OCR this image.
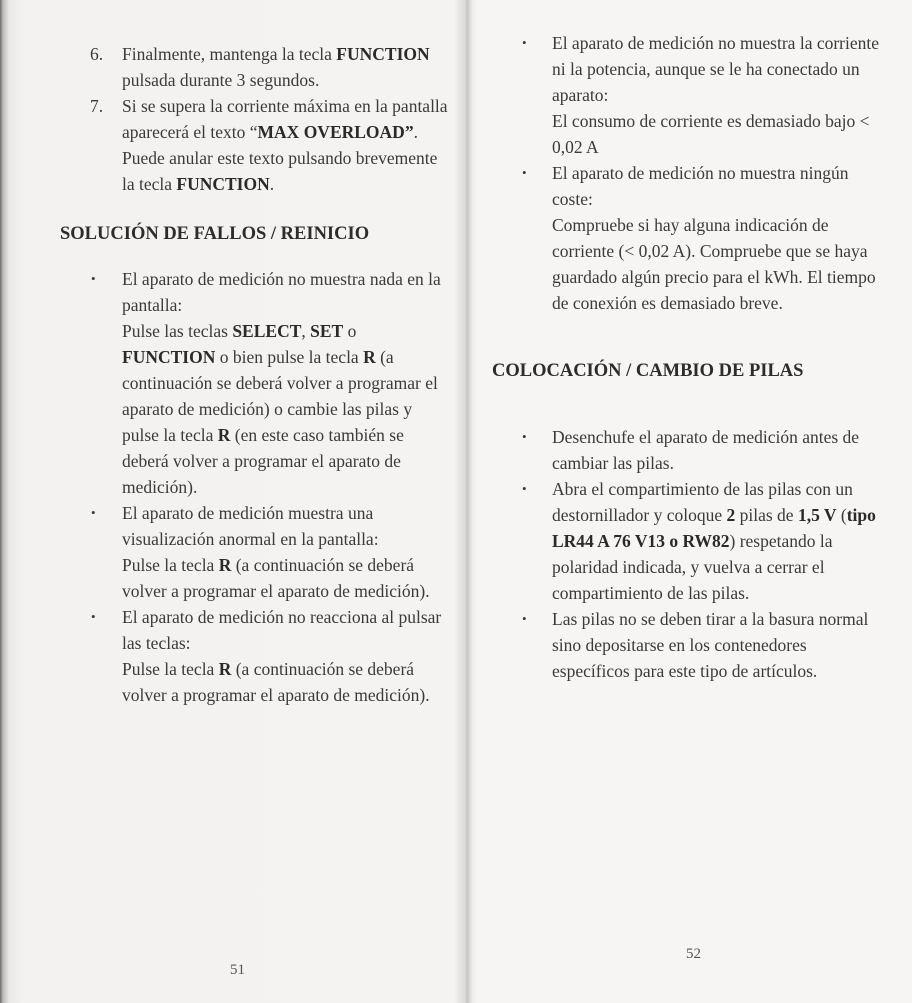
6. Finalmente, mantenga la tecla FUNCTION pulsada durante 3 segundos.
7. Si se supera la corriente máxima en la pantalla aparecerá el texto “MAX OVERLOAD”. Puede anular este texto pulsando brevemente la tecla FUNCTION.
SOLUCIÓN DE FALLOS / REINICIO
• El aparato de medición no muestra nada en la pantalla:
Pulse las teclas SELECT, SET o FUNCTION o bien pulse la tecla R (a continuación se deberá volver a programar el aparato de medición) o cambie las pilas y pulse la tecla R (en este caso también se deberá volver a programar el aparato de medición).
• El aparato de medición muestra una visualización anormal en la pantalla:
Pulse la tecla R (a continuación se deberá volver a programar el aparato de medición).
• El aparato de medición no reacciona al pulsar las teclas:
Pulse la tecla R (a continuación se deberá volver a programar el aparato de medición).
51
52
• El aparato de medición no muestra la corriente ni la potencia, aunque se le ha conectado un aparato:
El consumo de corriente es demasiado bajo < 0,02 A
• El aparato de medición no muestra ningún coste:
Compruebe si hay alguna indicación de corriente (< 0,02 A). Compruebe que se haya guardado algún precio para el kWh. El tiempo de conexión es demasiado breve.
COLOCACIÓN / CAMBIO DE PILAS
• Desenchufe el aparato de medición antes de cambiar las pilas.
• Abra el compartimiento de las pilas con un destornillador y coloque 2 pilas de 1,5 V (tipo LR44 A 76 V13 o RW82) respetando la polaridad indicada, y vuelva a cerrar el compartimiento de las pilas.
• Las pilas no se deben tirar a la basura normal sino depositarse en los contenedores específicos para este tipo de artículos.
